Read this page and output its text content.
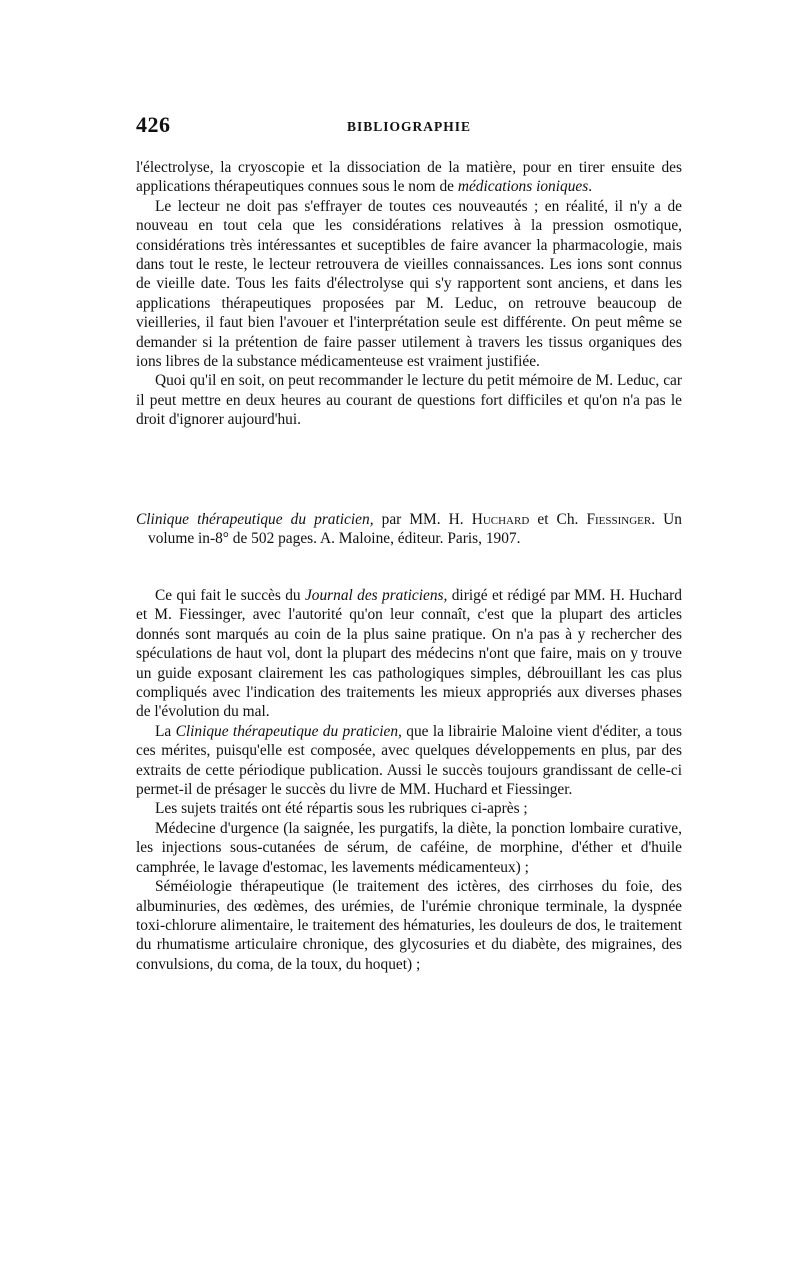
426	BIBLIOGRAPHIE

l'électrolyse, la cryoscopie et la dissociation de la matière, pour en tirer ensuite des applications thérapeutiques connues sous le nom de médications ioniques.

Le lecteur ne doit pas s'effrayer de toutes ces nouveautés ; en réalité, il n'y a de nouveau en tout cela que les considérations relatives à la pression osmotique, considérations très intéressantes et suceptibles de faire avancer la pharmacologie, mais dans tout le reste, le lecteur retrouvera de vieilles connaissances. Les ions sont connus de vieille date. Tous les faits d'électrolyse qui s'y rapportent sont anciens, et dans les applications thérapeutiques proposées par M. Leduc, on retrouve beaucoup de vieilleries, il faut bien l'avouer et l'interprétation seule est différente. On peut même se demander si la prétention de faire passer utilement à travers les tissus organiques des ions libres de la substance médicamenteuse est vraiment justifiée.

Quoi qu'il en soit, on peut recommander le lecture du petit mémoire de M. Leduc, car il peut mettre en deux heures au courant de questions fort difficiles et qu'on n'a pas le droit d'ignorer aujourd'hui.

Clinique thérapeutique du praticien, par MM. H. Huchard et Ch. Fiessinger. Un volume in-8° de 502 pages. A. Maloine, éditeur. Paris, 1907.

Ce qui fait le succès du Journal des praticiens, dirigé et rédigé par MM. H. Huchard et M. Fiessinger, avec l'autorité qu'on leur connaît, c'est que la plupart des articles donnés sont marqués au coin de la plus saine pratique. On n'a pas à y rechercher des spéculations de haut vol, dont la plupart des médecins n'ont que faire, mais on y trouve un guide exposant clairement les cas pathologiques simples, débrouillant les cas plus compliqués avec l'indication des traitements les mieux appropriés aux diverses phases de l'évolution du mal.

La Clinique thérapeutique du praticien, que la librairie Maloine vient d'éditer, a tous ces mérites, puisqu'elle est composée, avec quelques développements en plus, par des extraits de cette périodique publication. Aussi le succès toujours grandissant de celle-ci permet-il de présager le succès du livre de MM. Huchard et Fiessinger.

Les sujets traités ont été répartis sous les rubriques ci-après ;

Médecine d'urgence (la saignée, les purgatifs, la diète, la ponction lombaire curative, les injections sous-cutanées de sérum, de caféine, de morphine, d'éther et d'huile camphrée, le lavage d'estomac, les lavements médicamenteux) ;

Séméiologie thérapeutique (le traitement des ictères, des cirrhoses du foie, des albuminuries, des œdèmes, des urémies, de l'urémie chronique terminale, la dyspnée toxi-chlorure alimentaire, le traitement des hématuries, les douleurs de dos, le traitement du rhumatisme articulaire chronique, des glycosuries et du diabète, des migraines, des convulsions, du coma, de la toux, du hoquet) ;
